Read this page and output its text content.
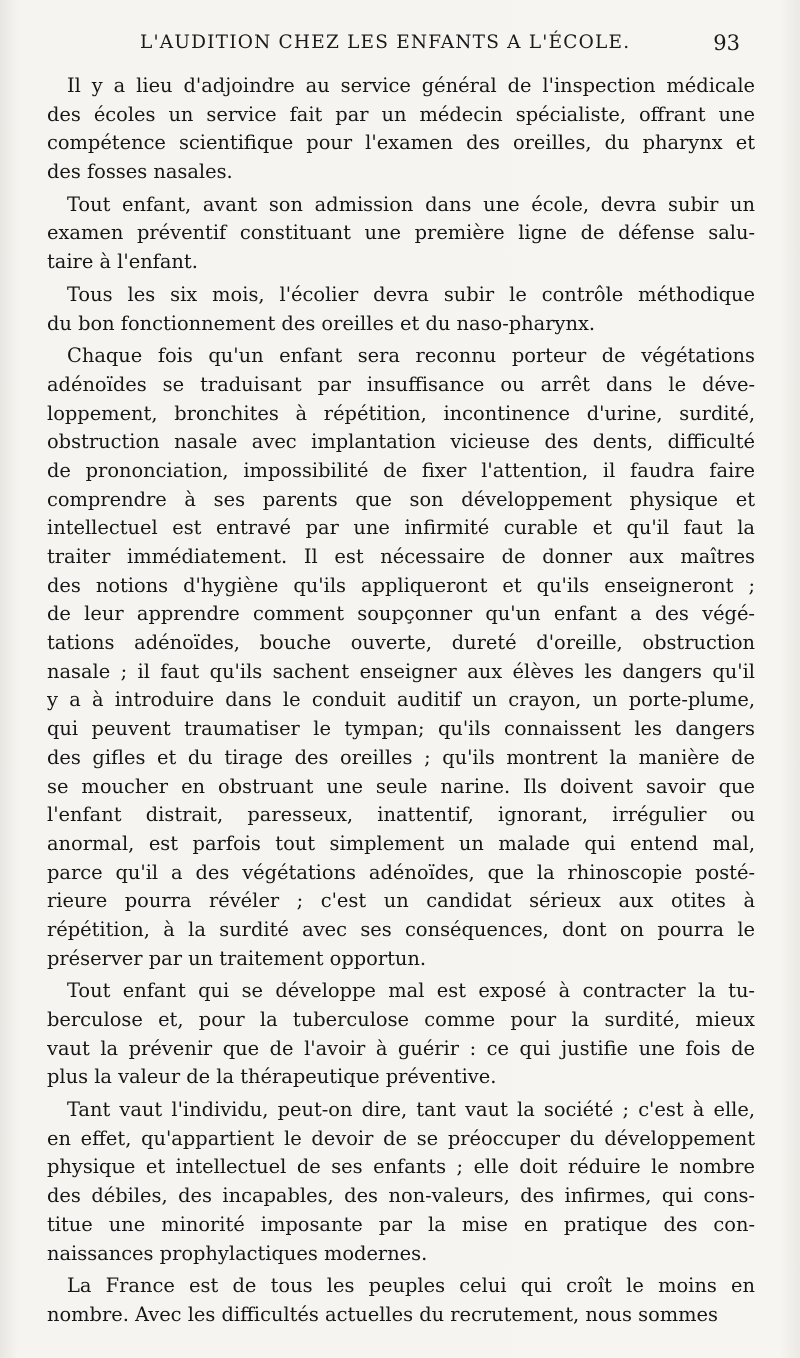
L'AUDITION CHEZ LES ENFANTS A L'ÉCOLE.	93
Il y a lieu d'adjoindre au service général de l'inspection médicale
des écoles un service fait par un médecin spécialiste, offrant une
compétence scientifique pour l'examen des oreilles, du pharynx et
des fosses nasales.
Tout enfant, avant son admission dans une école, devra subir un
examen préventif constituant une première ligne de défense salu-
taire à l'enfant.
Tous les six mois, l'écolier devra subir le contrôle méthodique
du bon fonctionnement des oreilles et du naso-pharynx.
Chaque fois qu'un enfant sera reconnu porteur de végétations
adénoïdes se traduisant par insuffisance ou arrêt dans le déve-
loppement, bronchites à répétition, incontinence d'urine, surdité,
obstruction nasale avec implantation vicieuse des dents, difficulté
de prononciation, impossibilité de fixer l'attention, il faudra faire
comprendre à ses parents que son développement physique et
intellectuel est entravé par une infirmité curable et qu'il faut la
traiter immédiatement. Il est nécessaire de donner aux maîtres
des notions d'hygiène qu'ils appliqueront et qu'ils enseigneront ;
de leur apprendre comment soupçonner qu'un enfant a des végé-
tations adénoïdes, bouche ouverte, dureté d'oreille, obstruction
nasale ; il faut qu'ils sachent enseigner aux élèves les dangers qu'il
y a à introduire dans le conduit auditif un crayon, un porte-plume,
qui peuvent traumatiser le tympan; qu'ils connaissent les dangers
des gifles et du tirage des oreilles ; qu'ils montrent la manière de
se moucher en obstruant une seule narine. Ils doivent savoir que
l'enfant distrait, paresseux, inattentif, ignorant, irrégulier ou
anormal, est parfois tout simplement un malade qui entend mal,
parce qu'il a des végétations adénoïdes, que la rhinoscopie posté-
rieure pourra révéler ; c'est un candidat sérieux aux otites à
répétition, à la surdité avec ses conséquences, dont on pourra le
préserver par un traitement opportun.
Tout enfant qui se développe mal est exposé à contracter la tu-
berculose et, pour la tuberculose comme pour la surdité, mieux
vaut la prévenir que de l'avoir à guérir : ce qui justifie une fois de
plus la valeur de la thérapeutique préventive.
Tant vaut l'individu, peut-on dire, tant vaut la société ; c'est à elle,
en effet, qu'appartient le devoir de se préoccuper du développement
physique et intellectuel de ses enfants ; elle doit réduire le nombre
des débiles, des incapables, des non-valeurs, des infirmes, qui cons-
titue une minorité imposante par la mise en pratique des con-
naissances prophylactiques modernes.
La France est de tous les peuples celui qui croît le moins en
nombre. Avec les difficultés actuelles du recrutement, nous sommes
